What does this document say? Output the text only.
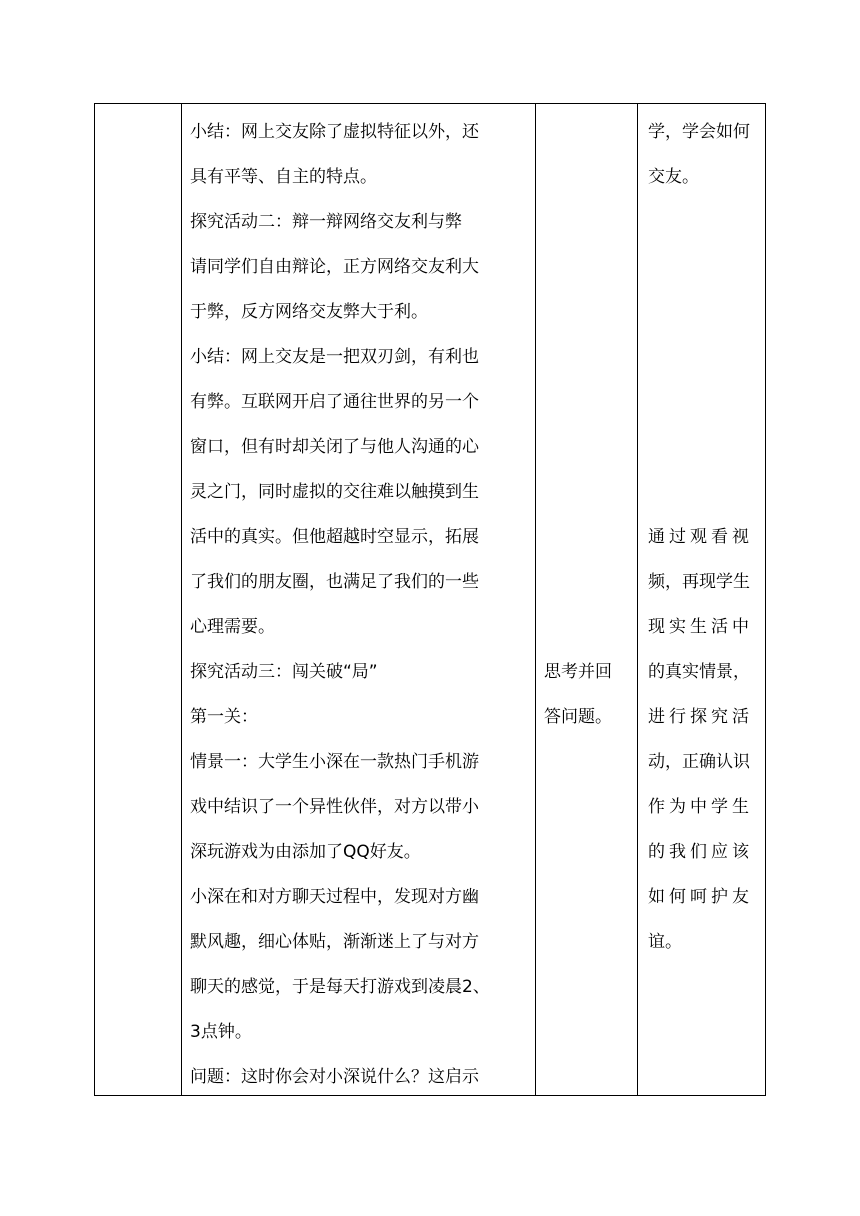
小结：网上交友除了虚拟特征以外，还
具有平等、自主的特点。
探究活动二：辩一辩网络交友利与弊
请同学们自由辩论，正方网络交友利大
于弊，反方网络交友弊大于利。
小结：网上交友是一把双刃剑，有利也
有弊。互联网开启了通往世界的另一个
窗口，但有时却关闭了与他人沟通的心
灵之门，同时虚拟的交往难以触摸到生
活中的真实。但他超越时空显示，拓展
了我们的朋友圈，也满足了我们的一些
心理需要。
探究活动三：闯关破“局”
第一关：
情景一：大学生小深在一款热门手机游
戏中结识了一个异性伙伴，对方以带小
深玩游戏为由添加了QQ好友。
小深在和对方聊天过程中，发现对方幽
默风趣，细心体贴，渐渐迷上了与对方
聊天的感觉，于是每天打游戏到凌晨2、
3点钟。
问题：这时你会对小深说什么？这启示
思考并回
答问题。
学，学会如何
交友。
通过观看视
频，再现学生
现实生活中
的真实情景，
进行探究活
动，正确认识
作为中学生
的我们应该
如何呵护友
谊。
